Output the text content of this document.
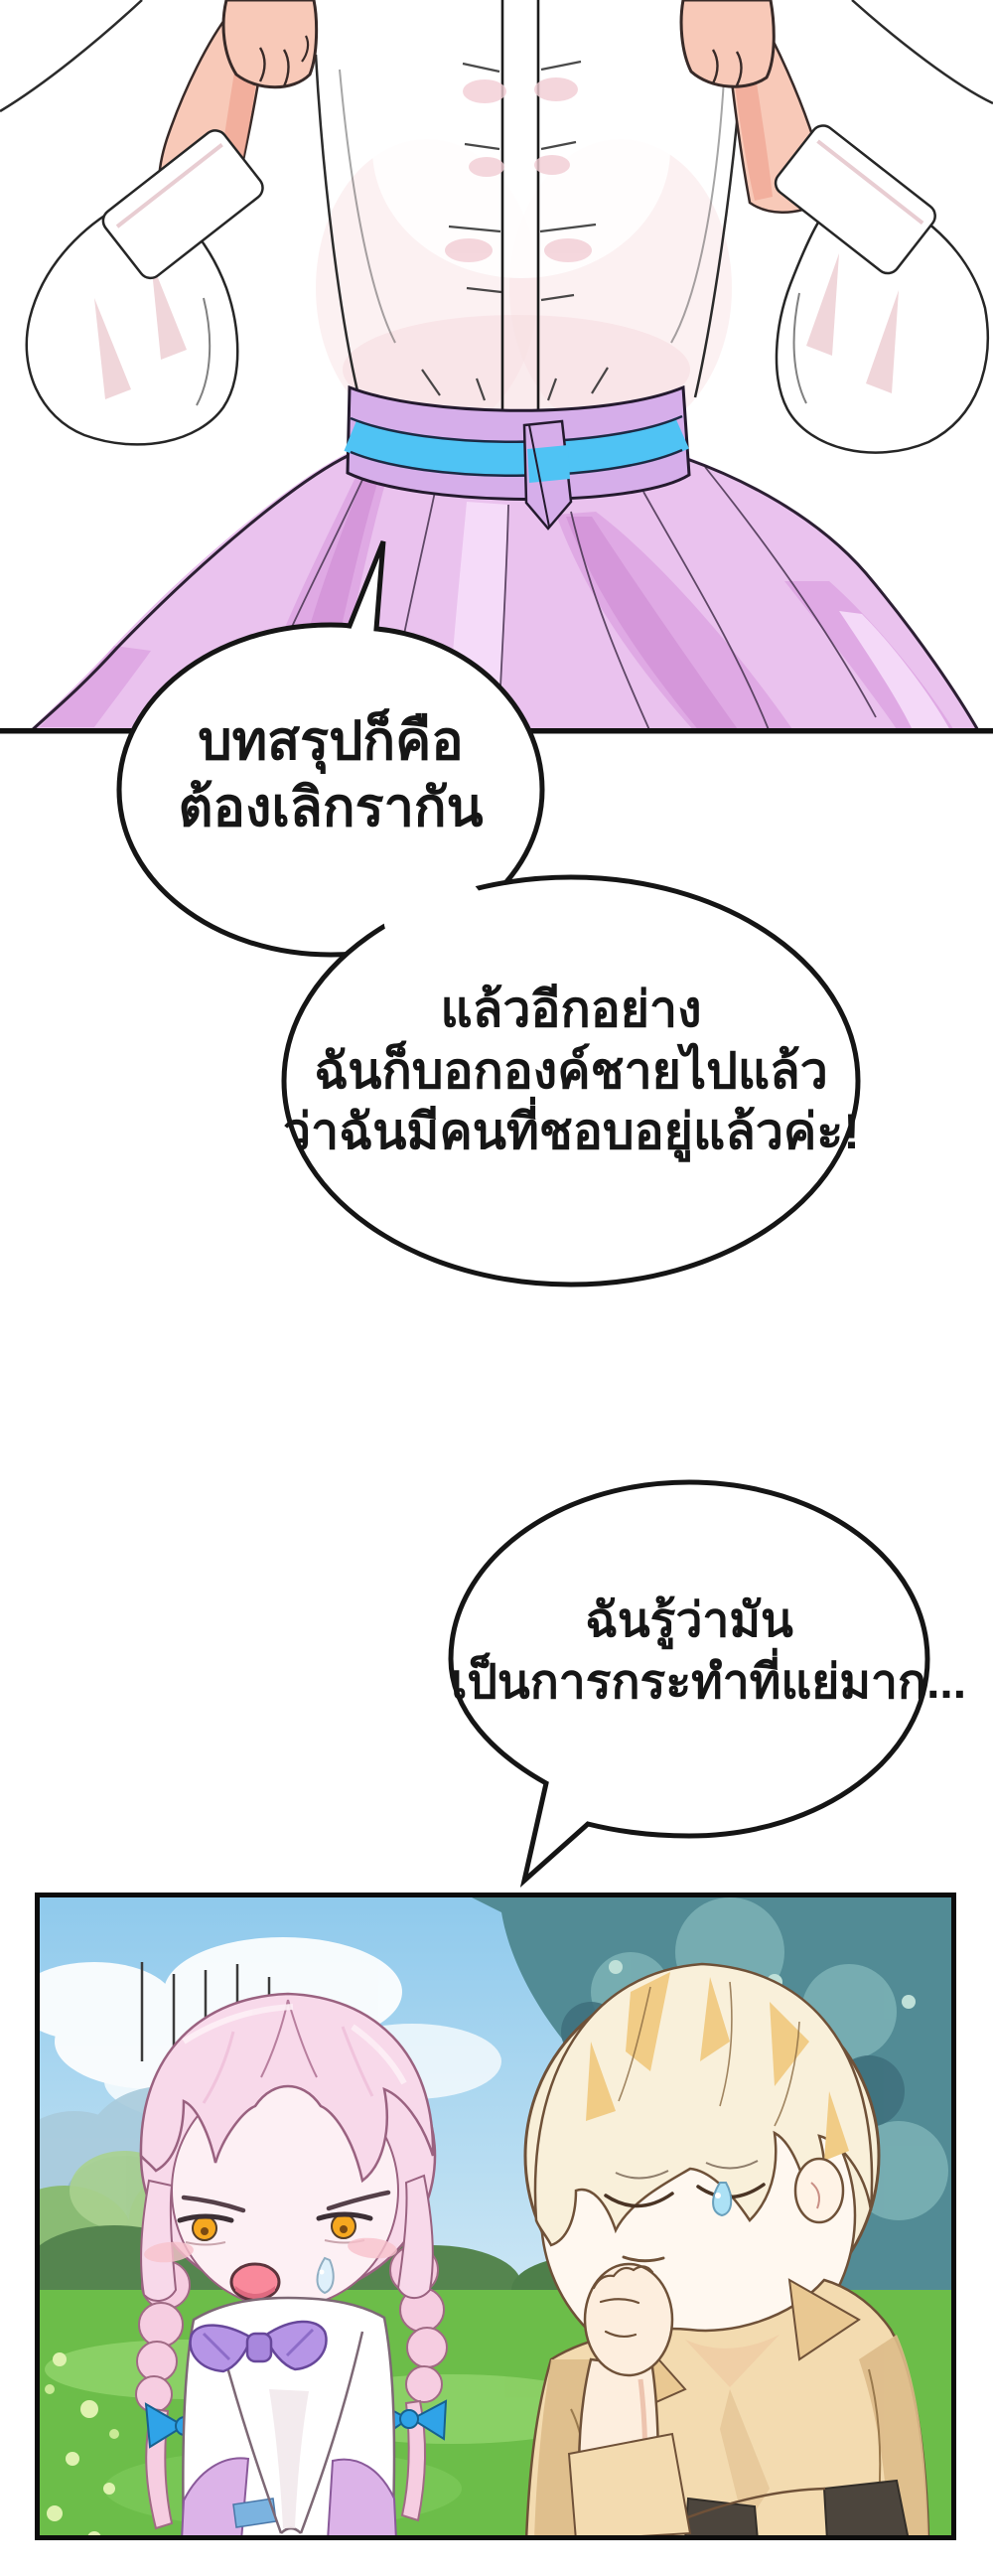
บทสรุปก็คือ
ต้องเลิกรากัน
แล้วอีกอย่าง
ฉันก็บอกองค์ชายไปแล้ว
ว่าฉันมีคนที่ชอบอยู่แล้วค่ะ!
ฉันรู้ว่ามัน
เป็นการกระทำที่แย่มาก...
